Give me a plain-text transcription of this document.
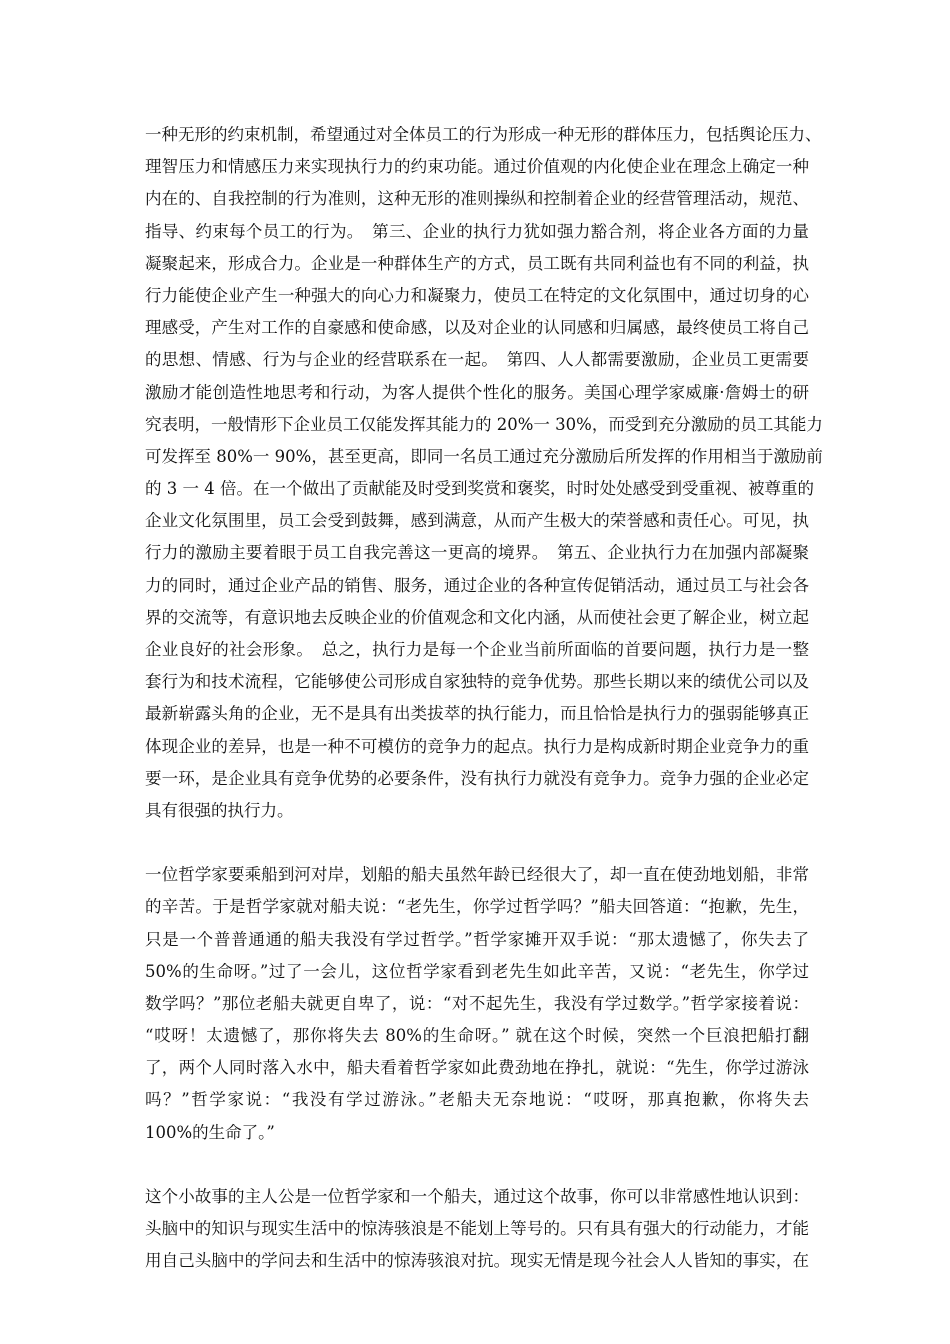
一种无形的约束机制，希望通过对全体员工的行为形成一种无形的群体压力，包括舆论压力、
理智压力和情感压力来实现执行力的约束功能。通过价值观的内化使企业在理念上确定一种
内在的、自我控制的行为准则，这种无形的准则操纵和控制着企业的经营管理活动，规范、
指导、约束每个员工的行为。　第三、企业的执行力犹如强力豁合剂，将企业各方面的力量
凝聚起来，形成合力。企业是一种群体生产的方式，员工既有共同利益也有不同的利益，执
行力能使企业产生一种强大的向心力和凝聚力，使员工在特定的文化氛围中，通过切身的心
理感受，产生对工作的自豪感和使命感，以及对企业的认同感和归属感，最终使员工将自己
的思想、情感、行为与企业的经营联系在一起。　第四、人人都需要激励，企业员工更需要
激励才能创造性地思考和行动，为客人提供个性化的服务。美国心理学家威廉·詹姆士的研
究表明，一般情形下企业员工仅能发挥其能力的 20%一 30%，而受到充分激励的员工其能力
可发挥至 80%一 90%，甚至更高，即同一名员工通过充分激励后所发挥的作用相当于激励前
的 3 一 4 倍。在一个做出了贡献能及时受到奖赏和褒奖，时时处处感受到受重视、被尊重的
企业文化氛围里，员工会受到鼓舞，感到满意，从而产生极大的荣誉感和责任心。可见，执
行力的激励主要着眼于员工自我完善这一更高的境界。　第五、企业执行力在加强内部凝聚
力的同时，通过企业产品的销售、服务，通过企业的各种宣传促销活动，通过员工与社会各
界的交流等，有意识地去反映企业的价值观念和文化内涵，从而使社会更了解企业，树立起
企业良好的社会形象。　总之，执行力是每一个企业当前所面临的首要问题，执行力是一整
套行为和技术流程，它能够使公司形成自家独特的竞争优势。那些长期以来的绩优公司以及
最新崭露头角的企业，无不是具有出类拔萃的执行能力，而且恰恰是执行力的强弱能够真正
体现企业的差异，也是一种不可模仿的竞争力的起点。执行力是构成新时期企业竞争力的重
要一环，是企业具有竞争优势的必要条件，没有执行力就没有竞争力。竞争力强的企业必定
具有很强的执行力。
一位哲学家要乘船到河对岸，划船的船夫虽然年龄已经很大了，却一直在使劲地划船，非常
的辛苦。于是哲学家就对船夫说：“老先生，你学过哲学吗？”船夫回答道：“抱歉，先生，
只是一个普普通通的船夫我没有学过哲学。”哲学家摊开双手说：“那太遗憾了，你失去了
50%的生命呀。”过了一会儿，这位哲学家看到老先生如此辛苦，又说：“老先生，你学过
数学吗？”那位老船夫就更自卑了，说：“对不起先生，我没有学过数学。”哲学家接着说：
“哎呀！太遗憾了，那你将失去 80%的生命呀。” 就在这个时候，突然一个巨浪把船打翻
了，两个人同时落入水中，船夫看着哲学家如此费劲地在挣扎，就说：“先生，你学过游泳
吗？”哲学家说：“我没有学过游泳。”老船夫无奈地说：“哎呀，那真抱歉，你将失去
100%的生命了。”
这个小故事的主人公是一位哲学家和一个船夫，通过这个故事，你可以非常感性地认识到：
头脑中的知识与现实生活中的惊涛骇浪是不能划上等号的。只有具有强大的行动能力，才能
用自己头脑中的学问去和生活中的惊涛骇浪对抗。现实无情是现今社会人人皆知的事实，在
